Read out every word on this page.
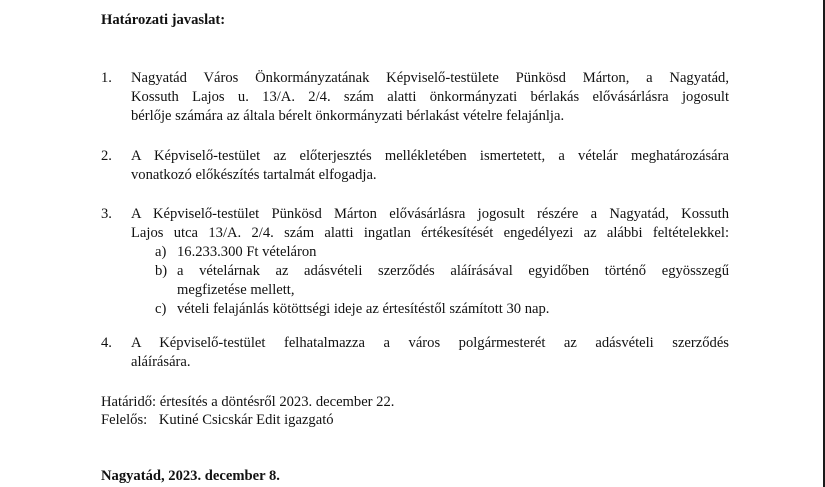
Határozati javaslat:
1. Nagyatád Város Önkormányzatának Képviselő-testülete Pünkösd Márton, a Nagyatád,
Kossuth Lajos u. 13/A. 2/4. szám alatti önkormányzati bérlakás elővásárlásra jogosult
bérlője számára az általa bérelt önkormányzati bérlakást vételre felajánlja.
2. A Képviselő-testület az előterjesztés mellékletében ismertetett, a vételár meghatározására
vonatkozó előkészítés tartalmát elfogadja.
3. A Képviselő-testület Pünkösd Márton elővásárlásra jogosult részére a Nagyatád, Kossuth
Lajos utca 13/A. 2/4. szám alatti ingatlan értékesítését engedélyezi az alábbi feltételekkel:
a) 16.233.300 Ft vételáron
b) a vételárnak az adásvételi szerződés aláírásával egyidőben történő egyösszegű
megfizetése mellett,
c) vételi felajánlás kötöttségi ideje az értesítéstől számított 30 nap.
4. A Képviselő-testület felhatalmazza a város polgármesterét az adásvételi szerződés
aláírására.
Határidő: értesítés a döntésről 2023. december 22.
Felelős: Kutiné Csicskár Edit igazgató
Nagyatád, 2023. december 8.
